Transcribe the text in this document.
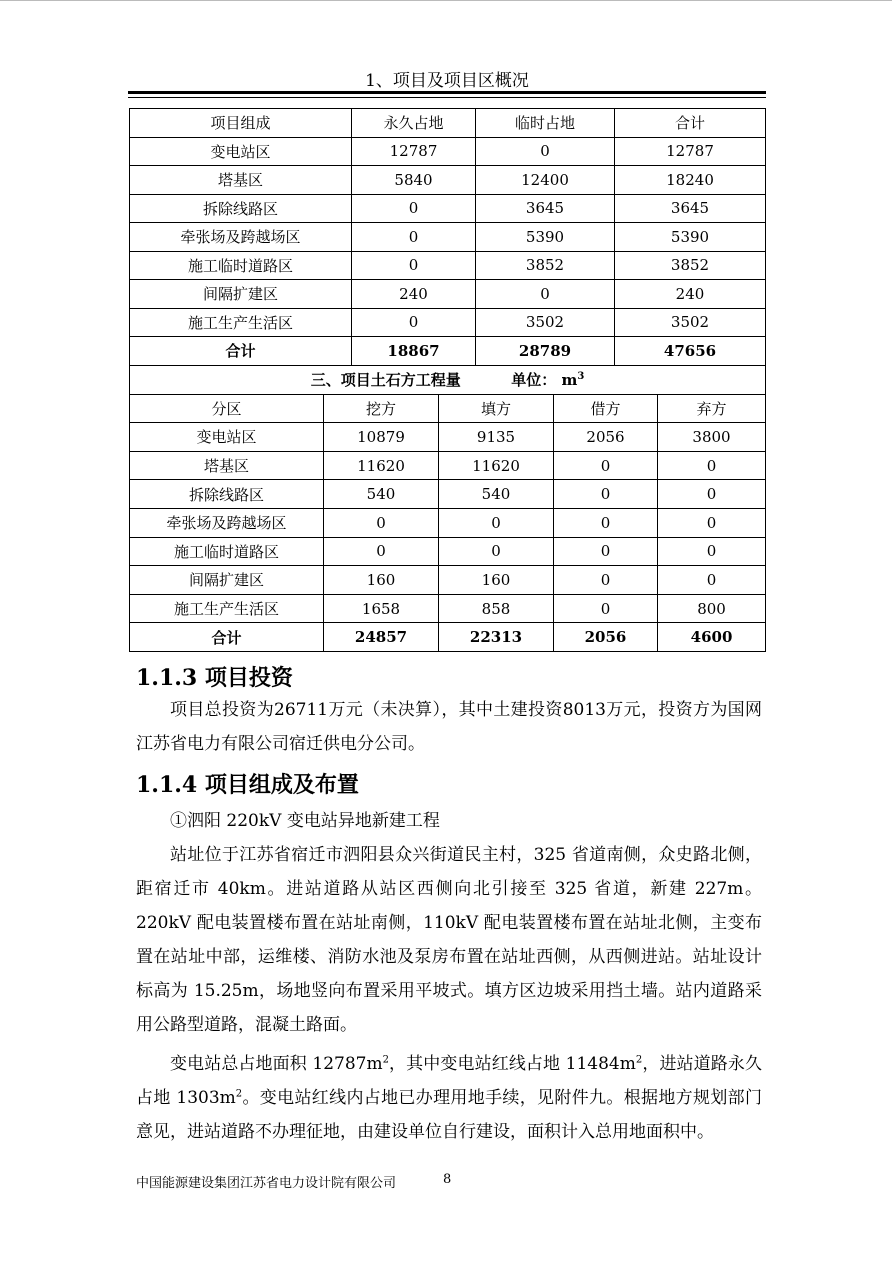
1、项目及项目区概况
项目组成	永久占地	临时占地	合计
变电站区	12787	0	12787
塔基区	5840	12400	18240
拆除线路区	0	3645	3645
牵张场及跨越场区	0	5390	5390
施工临时道路区	0	3852	3852
间隔扩建区	240	0	240
施工生产生活区	0	3502	3502
合计	18867	28789	47656
三、项目土石方工程量 单位： $m^3$
分区	挖方	填方	借方	弃方
变电站区	10879	9135	2056	3800
塔基区	11620	11620	0	0
拆除线路区	540	540	0	0
牵张场及跨越场区	0	0	0	0
施工临时道路区	0	0	0	0
间隔扩建区	160	160	0	0
施工生产生活区	1658	858	0	800
合计	24857	22313	2056	4600
1.1.3 项目投资

项目总投资为26711万元（未决算），其中土建投资8013万元，投资方为国网江苏省电力有限公司宿迁供电分公司。

1.1.4 项目组成及布置

①泗阳 220kV 变电站异地新建工程

站址位于江苏省宿迁市泗阳县众兴街道民主村，325 省道南侧，众史路北侧，距宿迁市 40km。进站道路从站区西侧向北引接至 325 省道，新建 227m。220kV 配电装置楼布置在站址南侧，110kV 配电装置楼布置在站址北侧，主变布置在站址中部，运维楼、消防水池及泵房布置在站址西侧，从西侧进站。站址设计标高为 15.25m，场地竖向布置采用平坡式。填方区边坡采用挡土墙。站内道路采用公路型道路，混凝土路面。

变电站总占地面积 $12787m^2$，其中变电站红线占地 $11484m^2$，进站道路永久占地 $1303m^2$。变电站红线内占地已办理用地手续，见附件九。根据地方规划部门意见，进站道路不办理征地，由建设单位自行建设，面积计入总用地面积中。

中国能源建设集团江苏省电力设计院有限公司	8
